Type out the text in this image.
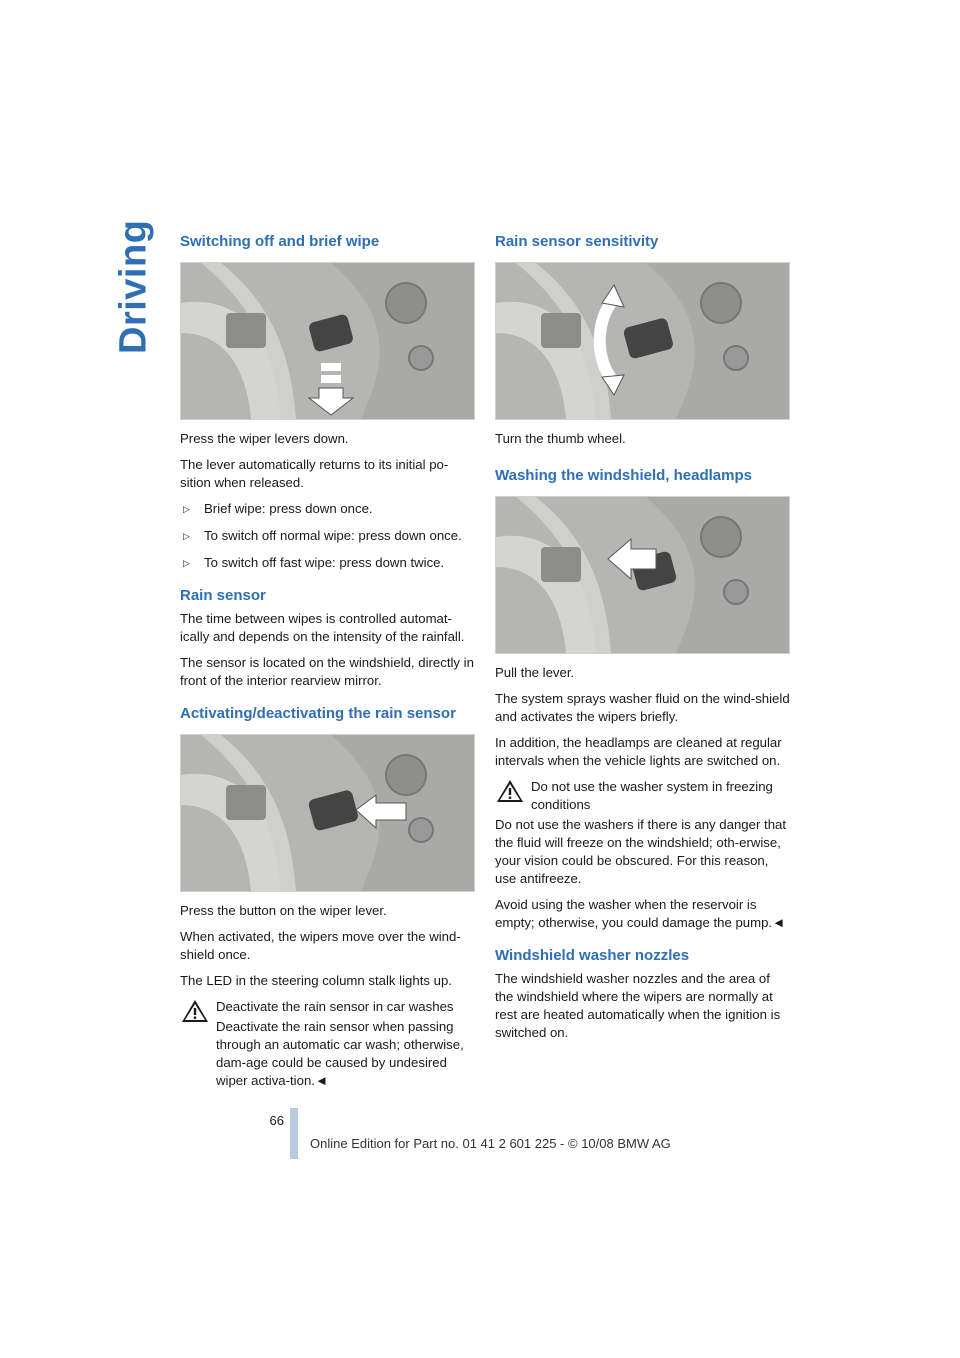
Driving Switching off and brief wipe

Press the wiper levers down.

The lever automatically returns to its initial po-
sition when released.

▷ Brief wipe: press down once.
▷ To switch off normal wipe: press down once.
▷ To switch off fast wipe: press down twice.
Rain sensor

The time between wipes is controlled automat-ically and depends on the intensity of the rainfall.

The sensor is located on the windshield, directly in front of the interior rearview mirror.

Activating/deactivating the rain sensor

Press the button on the wiper lever.

When activated, the wipers move over the wind-shield once.

The LED in the steering column stalk lights up.

Deactivate the rain sensor in car washes

Deactivate the rain sensor when passing through an automatic car wash; otherwise, dam-age could be caused by undesired wiper activa-tion.◄

Rain sensor sensitivity

Turn the thumb wheel.

Washing the windshield, headlamps

Pull the lever.

The system sprays washer fluid on the wind-shield and activates the wipers briefly.

In addition, the headlamps are cleaned at regular intervals when the vehicle lights are switched on.

Do not use the washer system in freezing conditions

Do not use the washers if there is any danger that the fluid will freeze on the windshield; oth-erwise, your vision could be obscured. For this reason, use antifreeze.

Avoid using the washer when the reservoir is empty; otherwise, you could damage the pump.◄

Windshield washer nozzles

The windshield washer nozzles and the area of the windshield where the wipers are normally at rest are heated automatically when the ignition is switched on.

66
Online Edition for Part no. 01 41 2 601 225 - © 10/08 BMW AG
